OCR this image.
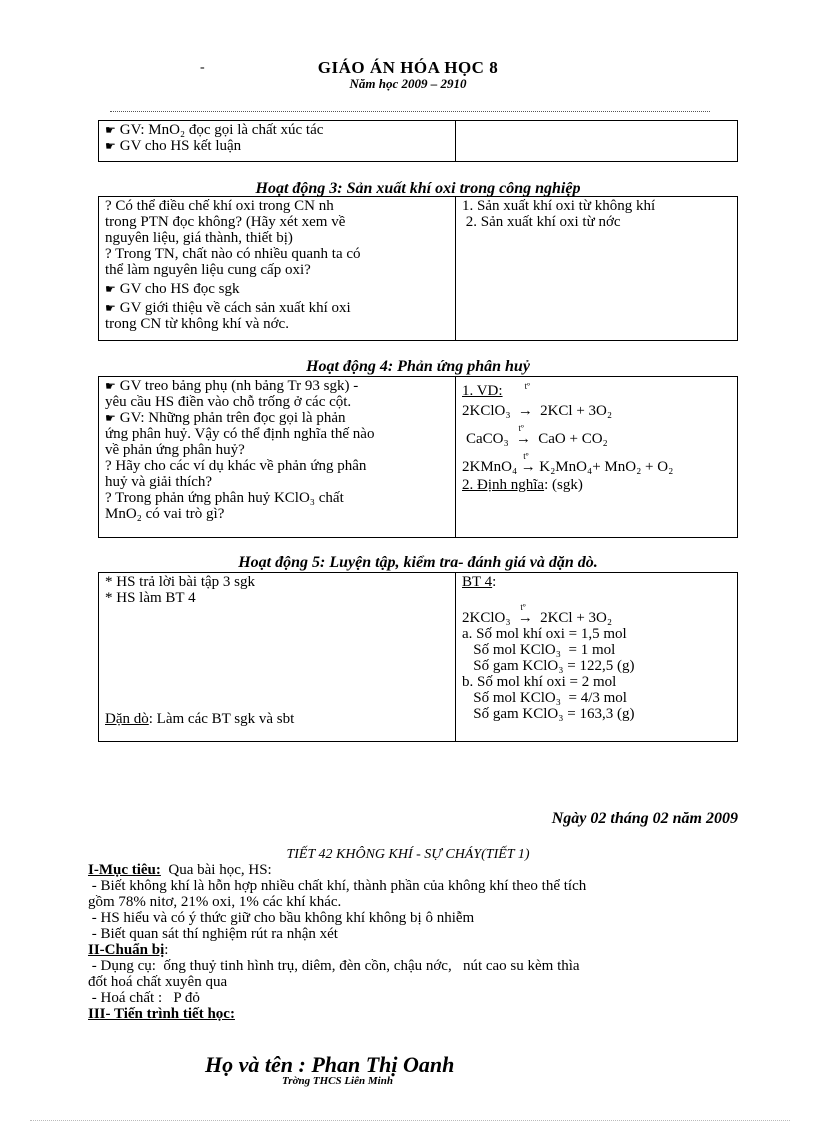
-	GIÁO ÁN HÓA HỌC 8
Năm học 2009 – 2910
☛ GV: MnO₂ đọc gọi là chất xúc tác
☛ GV cho HS kết luận

Hoạt động 3: Sản xuất khí oxi trong công nghiệp
? Có thể điều chế khí oxi trong CN nh
trong PTN đọc không? (Hãy xét xem về
nguyên liệu, giá thành, thiết bị)
? Trong TN, chất nào có nhiều quanh ta có
thể làm nguyên liệu cung cấp oxi?
☛ GV cho HS đọc sgk
☛ GV giới thiệu về cách sản xuất khí oxi
trong CN từ không khí và nớc.

1. Sản xuất khí oxi từ không khí
2. Sản xuất khí oxi từ nớc
Hoạt động 4: Phản ứng phân huỷ
☛ GV treo bảng phụ (nh bảng Tr 93 sgk) -
yêu cầu HS điền vào chỗ trống ở các cột.
☛ GV: Những phản trên đọc gọi là phản
ứng phân huỷ. Vậy có thể định nghĩa thế nào
về phản ứng phân huỷ?
? Hãy cho các ví dụ khác về phản ứng phân
huỷ và giải thích?
? Trong phản ứng phân huỷ KClO₃ chất
MnO₂ có vai trò gì?

1. VD: $^{tº}$
2KClO₃ → 2KCl + 3O₂
CaCO₃ →
tº
CaO + CO₂
2KMnO₄ →
tº
K₂MnO₄+ MnO₂ + O₂
2. Định nghĩa: (sgk)
Hoạt động 5: Luyện tập, kiểm tra- đánh giá và dặn dò.
* HS trả lời bài tập 3 sgk
* HS làm BT 4
Dặn dò: Làm các BT sgk và sbt

BT 4:
2KClO₃ →
tº
2KCl + 3O₂
a. Số mol khí oxi = 1,5 mol
Số mol KClO₃  = 1 mol
Số gam KClO₃ = 122,5 (g)
b. Số mol khí oxi = 2 mol
Số mol KClO₃  = 4/3 mol
Số gam KClO₃ = 163,3 (g)
Ngày 02 tháng 02 năm 2009
TIẾT 42 KHÔNG KHÍ - SỰ CHÁY(TIẾT 1)
I-Mục tiêu:  Qua bài học, HS:
- Biết không khí là hỗn hợp nhiều chất khí, thành phần của không khí theo thể tích
gồm 78% nitơ, 21% oxi, 1% các khí khác.
- HS hiểu và có ý thức giữ cho bầu không khí không bị ô nhiễm
- Biết quan sát thí nghiệm rút ra nhận xét
II-Chuẩn bị:
- Dụng cụ:  ống thuỷ tinh hình trụ, diêm, đèn cồn, chậu nớc,   nút cao su kèm thìa
đốt hoá chất xuyên qua
- Hoá chất :   P đỏ
III- Tiến trình tiết học:
Họ và tên : Phan Thị Oanh
Trờng THCS Liên Minh
